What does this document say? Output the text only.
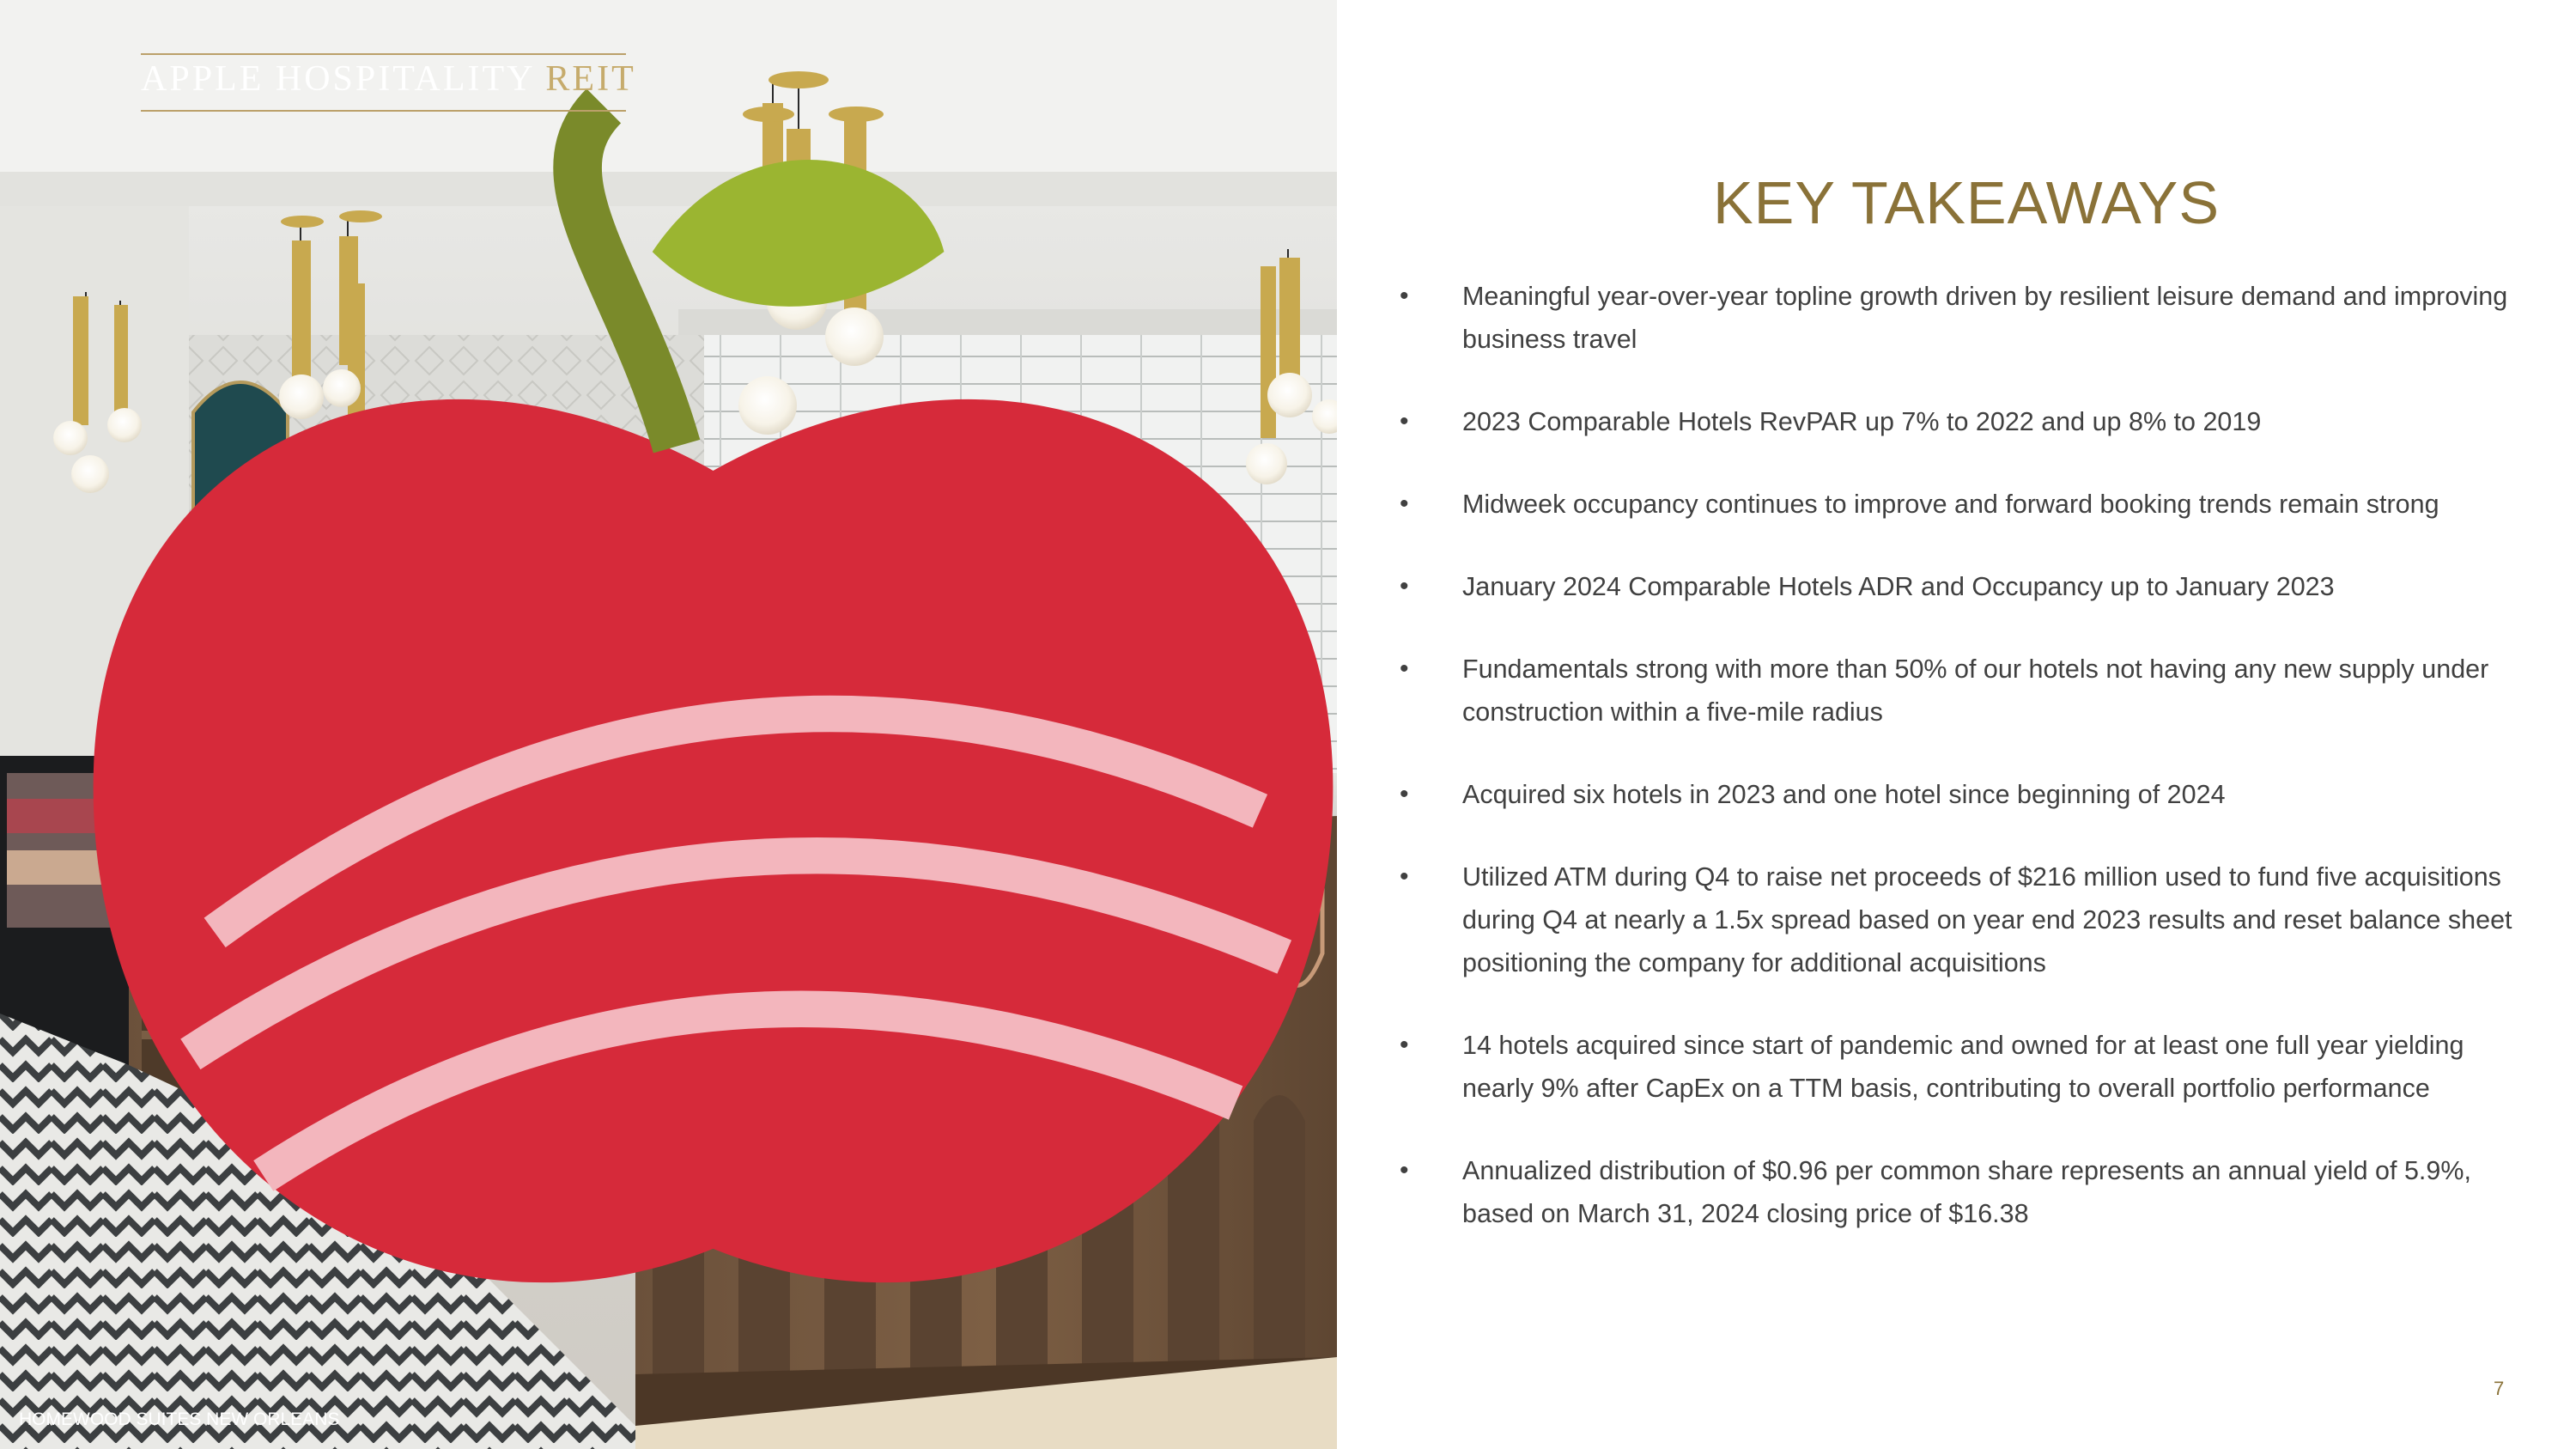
APPLE HOSPITALITY REIT
HOMEWOOD SUITES NEW ORLEANS
KEY TAKEAWAYS
• Meaningful year-over-year topline growth driven by resilient leisure demand and improving business travel
• 2023 Comparable Hotels RevPAR up 7% to 2022 and up 8% to 2019
• Midweek occupancy continues to improve and forward booking trends remain strong
• January 2024 Comparable Hotels ADR and Occupancy up to January 2023
• Fundamentals strong with more than 50% of our hotels not having any new supply under construction within a five-mile radius
• Acquired six hotels in 2023 and one hotel since beginning of 2024
• Utilized ATM during Q4 to raise net proceeds of $216 million used to fund five acquisitions during Q4 at nearly a 1.5x spread based on year end 2023 results and reset balance sheet positioning the company for additional acquisitions
• 14 hotels acquired since start of pandemic and owned for at least one full year yielding nearly 9% after CapEx on a TTM basis, contributing to overall portfolio performance
• Annualized distribution of $0.96 per common share represents an annual yield of 5.9%, based on March 31, 2024 closing price of $16.38
7
